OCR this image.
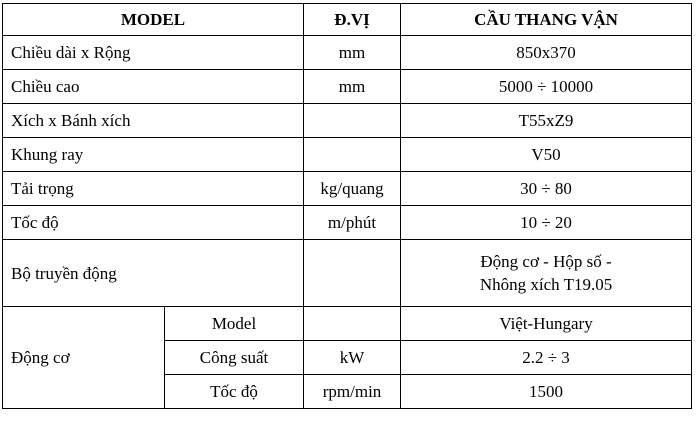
MODEL		Đ.VỊ	CẦU THANG VẬN
Chiều dài x Rộng		mm	850x370
Chiều cao		mm	5000 ÷ 10000
Xích x Bánh xích			T55xZ9
Khung ray			V50
Tải trọng		kg/quang	30 ÷ 80
Tốc độ		m/phút	10 ÷ 20
Bộ truyền động			Động cơ - Hộp số -
Nhông xích T19.05

Động cơ	Model		Việt-Hungary
	Công suất	kW	2.2 ÷ 3
	Tốc độ	rpm/min	1500
